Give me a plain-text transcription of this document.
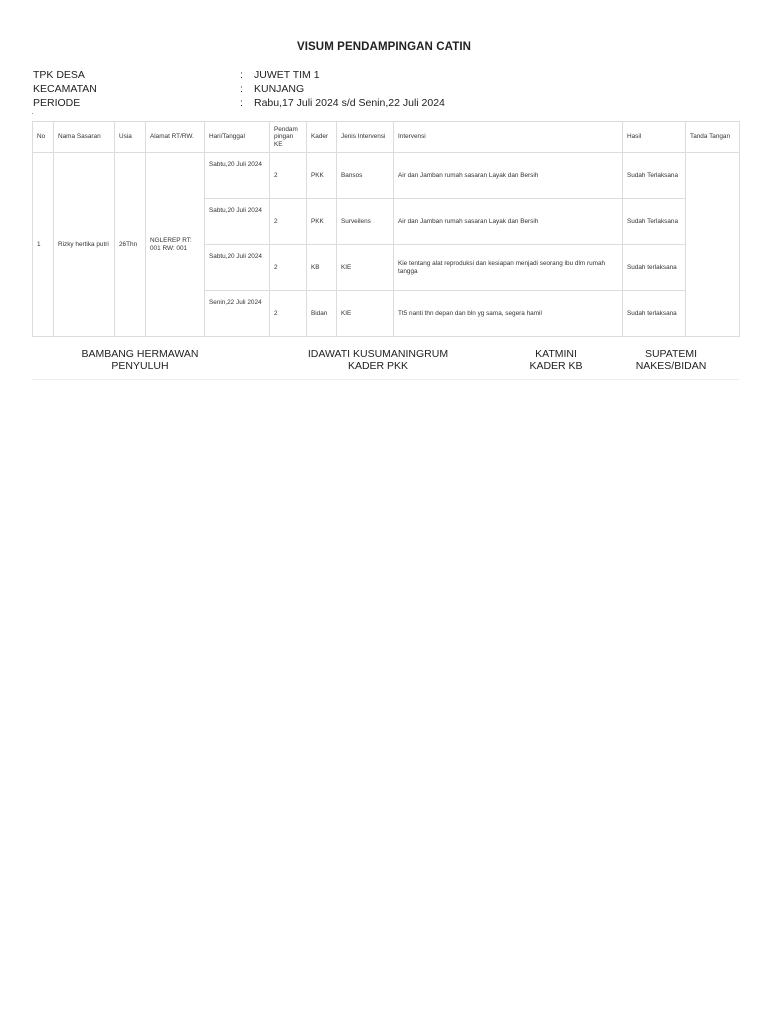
VISUM PENDAMPINGAN CATIN
TPK DESA	: JUWET TIM 1
KECAMATAN	: KUNJANG
PERIODE	: Rabu,17 Juli 2024 s/d Senin,22 Juli 2024
No	Nama Sasaran	Usia	Alamat RT/RW.	Hari/Tanggal	Pendam pingan KE	Kader	Jenis Intervensi	Intervensi	Hasil	Tanda Tangan
1	Rizky hertika putri	26Thn	NGLEREP RT: 001 RW: 001	Sabtu,20 Juli 2024	2	PKK	Bansos	Air dan Jamban rumah sasaran Layak dan Bersih	Sudah Terlaksana	
				Sabtu,20 Juli 2024	2	PKK	Surveilens	Air dan Jamban rumah sasaran Layak dan Bersih	Sudah Terlaksana	
				Sabtu,20 Juli 2024	2	KB	KIE	Kie tentang alat reproduksi dan kesiapan menjadi seorang ibu dlm rumah tangga	Sudah terlaksana	
				Senin,22 Juli 2024	2	Bidan	KIE	Tt5 nanti thn depan dan bln yg sama, segera hamil	Sudah terlaksana	
BAMBANG HERMAWAN
PENYULUH
IDAWATI KUSUMANINGRUM
KADER PKK
KATMINI
KADER KB
SUPATEMI
NAKES/BIDAN
